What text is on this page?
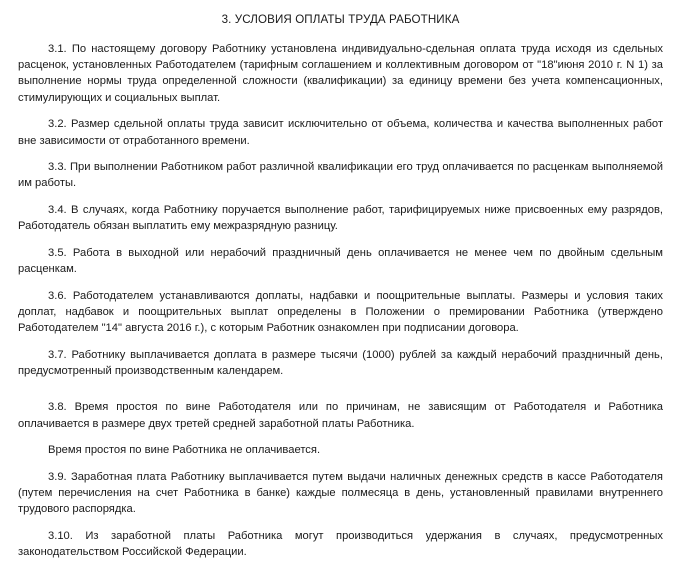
3. УСЛОВИЯ ОПЛАТЫ ТРУДА РАБОТНИКА

3.1. По настоящему договору Работнику установлена индивидуально-сдельная оплата труда исходя из сдельных расценок, установленных Работодателем (тарифным соглашением и коллективным договором от "18"июня 2010 г. N 1) за выполнение нормы труда определенной сложности (квалификации) за единицу времени без учета компенсационных, стимулирующих и социальных выплат.

3.2. Размер сдельной оплаты труда зависит исключительно от объема, количества и качества выполненных работ вне зависимости от отработанного времени.

3.3. При выполнении Работником работ различной квалификации его труд оплачивается по расценкам выполняемой им работы.

3.4. В случаях, когда Работнику поручается выполнение работ, тарифицируемых ниже присвоенных ему разрядов, Работодатель обязан выплатить ему межразрядную разницу.

3.5. Работа в выходной или нерабочий праздничный день оплачивается не менее чем по двойным сдельным расценкам.

3.6. Работодателем устанавливаются доплаты, надбавки и поощрительные выплаты. Размеры и условия таких доплат, надбавок и поощрительных выплат определены в Положении о премировании Работника (утверждено Работодателем "14" августа 2016 г.), с которым Работник ознакомлен при подписании договора.

3.7. Работнику выплачивается доплата в размере тысячи (1000) рублей за каждый нерабочий праздничный день, предусмотренный производственным календарем.

3.8. Время простоя по вине Работодателя или по причинам, не зависящим от Работодателя и Работника оплачивается в размере двух третей средней заработной платы Работника.

Время простоя по вине Работника не оплачивается.

3.9. Заработная плата Работнику выплачивается путем выдачи наличных денежных средств в кассе Работодателя (путем перечисления на счет Работника в банке) каждые полмесяца в день, установленный правилами внутреннего трудового распорядка.

3.10. Из заработной платы Работника могут производиться удержания в случаях, предусмотренных законодательством Российской Федерации.
